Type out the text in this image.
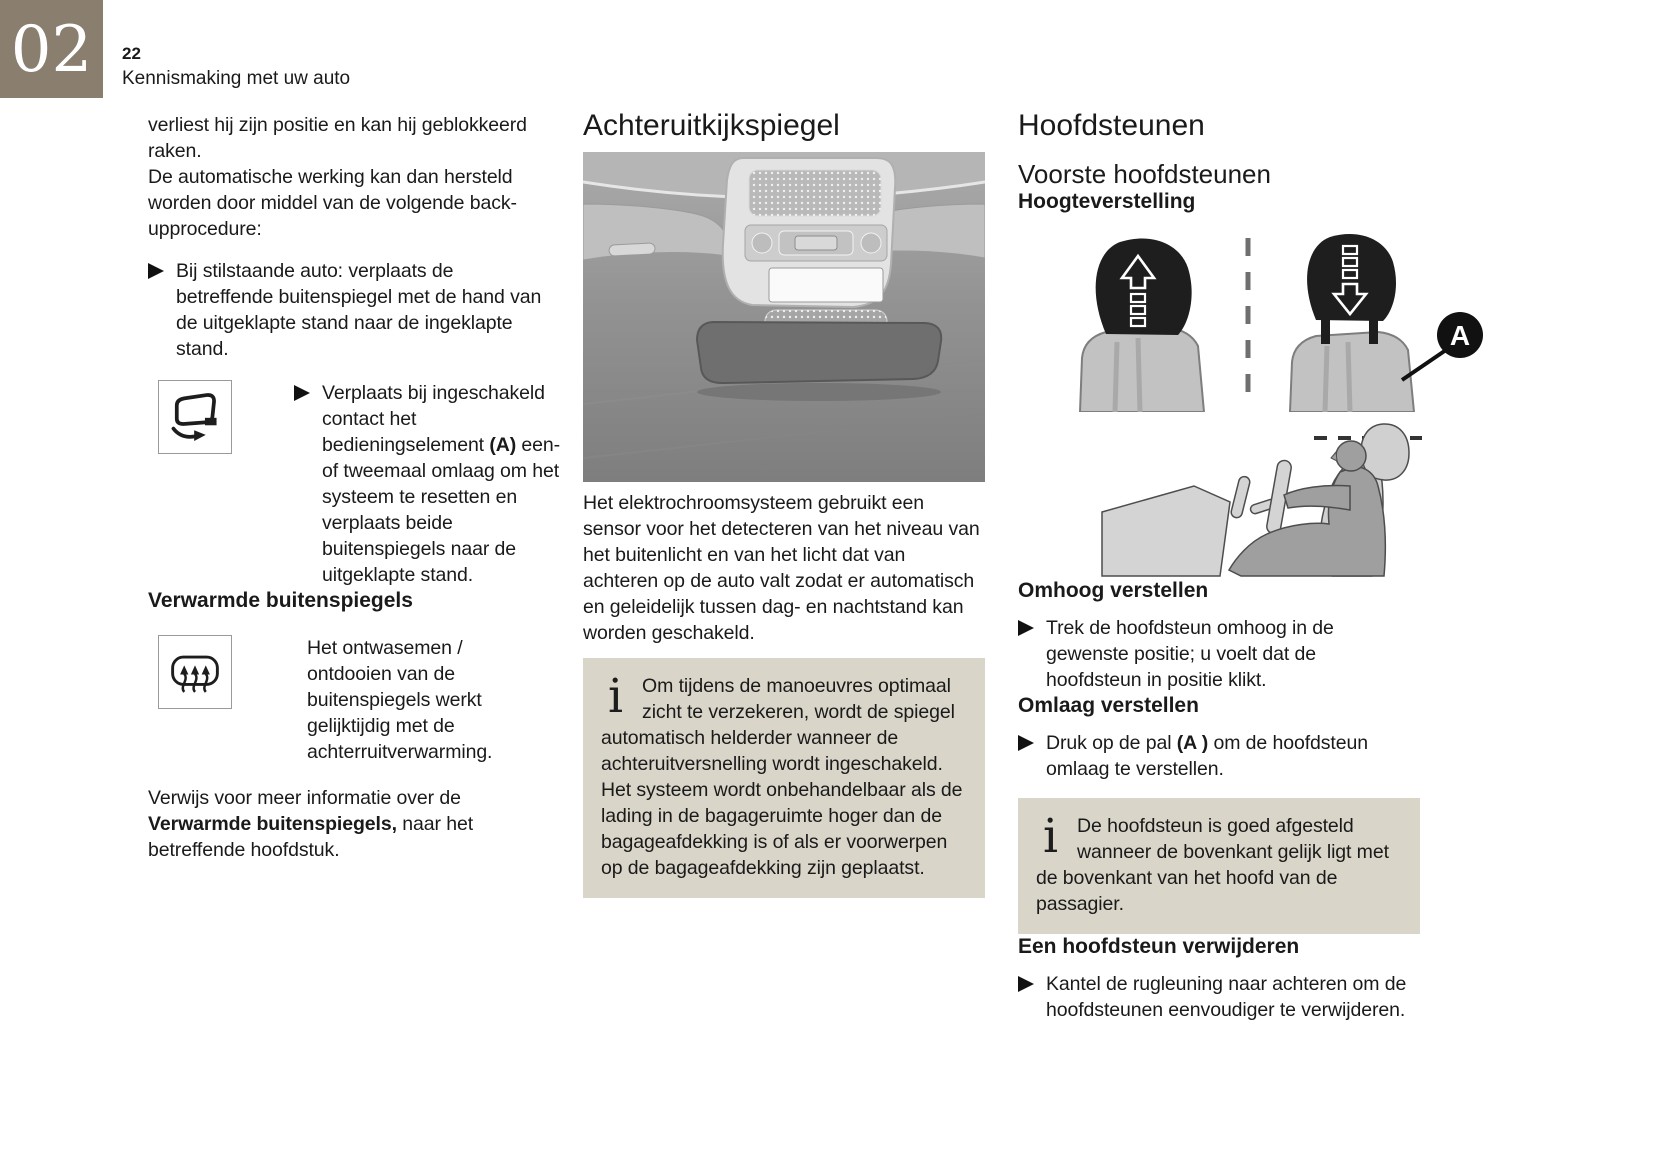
02 22
Kennismaking met uw auto

verliest hij zijn positie en kan hij geblokkeerd raken.

De automatische werking kan dan hersteld worden door middel van de volgende back-upprocedure:

Bij stilstaande auto: verplaats de betreffende buitenspiegel met de hand van de uitgeklapte stand naar de ingeklapte stand.

Verplaats bij ingeschakeld contact het bedieningselement (A) een- of tweemaal omlaag om het systeem te resetten en verplaats beide buitenspiegels naar de uitgeklapte stand.

Verwarmde buitenspiegels

Het ontwasemen / ontdooien van de buitenspiegels werkt gelijktijdig met de achterruitverwarming.

Verwijs voor meer informatie over de Verwarmde buitenspiegels, naar het betreffende hoofdstuk.

Achteruitkijkspiegel

Het elektrochroomsysteem gebruikt een sensor voor het detecteren van het niveau van het buitenlicht en van het licht dat van achteren op de auto valt zodat er automatisch en geleidelijk tussen dag- en nachtstand kan worden geschakeld.

i Om tijdens de manoeuvres optimaal zicht te verzekeren, wordt de spiegel automatisch helderder wanneer de achteruitversnelling wordt ingeschakeld. Het systeem wordt onbehandelbaar als de lading in de bagageruimte hoger dan de bagageafdekking is of als er voorwerpen op de bagageafdekking zijn geplaatst.

Hoofdsteunen
Voorste hoofdsteunen
Hoogteverstelling
A
Omhoog verstellen

Trek de hoofdsteun omhoog in de gewenste positie; u voelt dat de hoofdsteun in positie klikt.

Omlaag verstellen

Druk op de pal (A ) om de hoofdsteun omlaag te verstellen.

i De hoofdsteun is goed afgesteld wanneer de bovenkant gelijk ligt met de bovenkant van het hoofd van de passagier.

Een hoofdsteun verwijderen

Kantel de rugleuning naar achteren om de hoofdsteunen eenvoudiger te verwijderen.
